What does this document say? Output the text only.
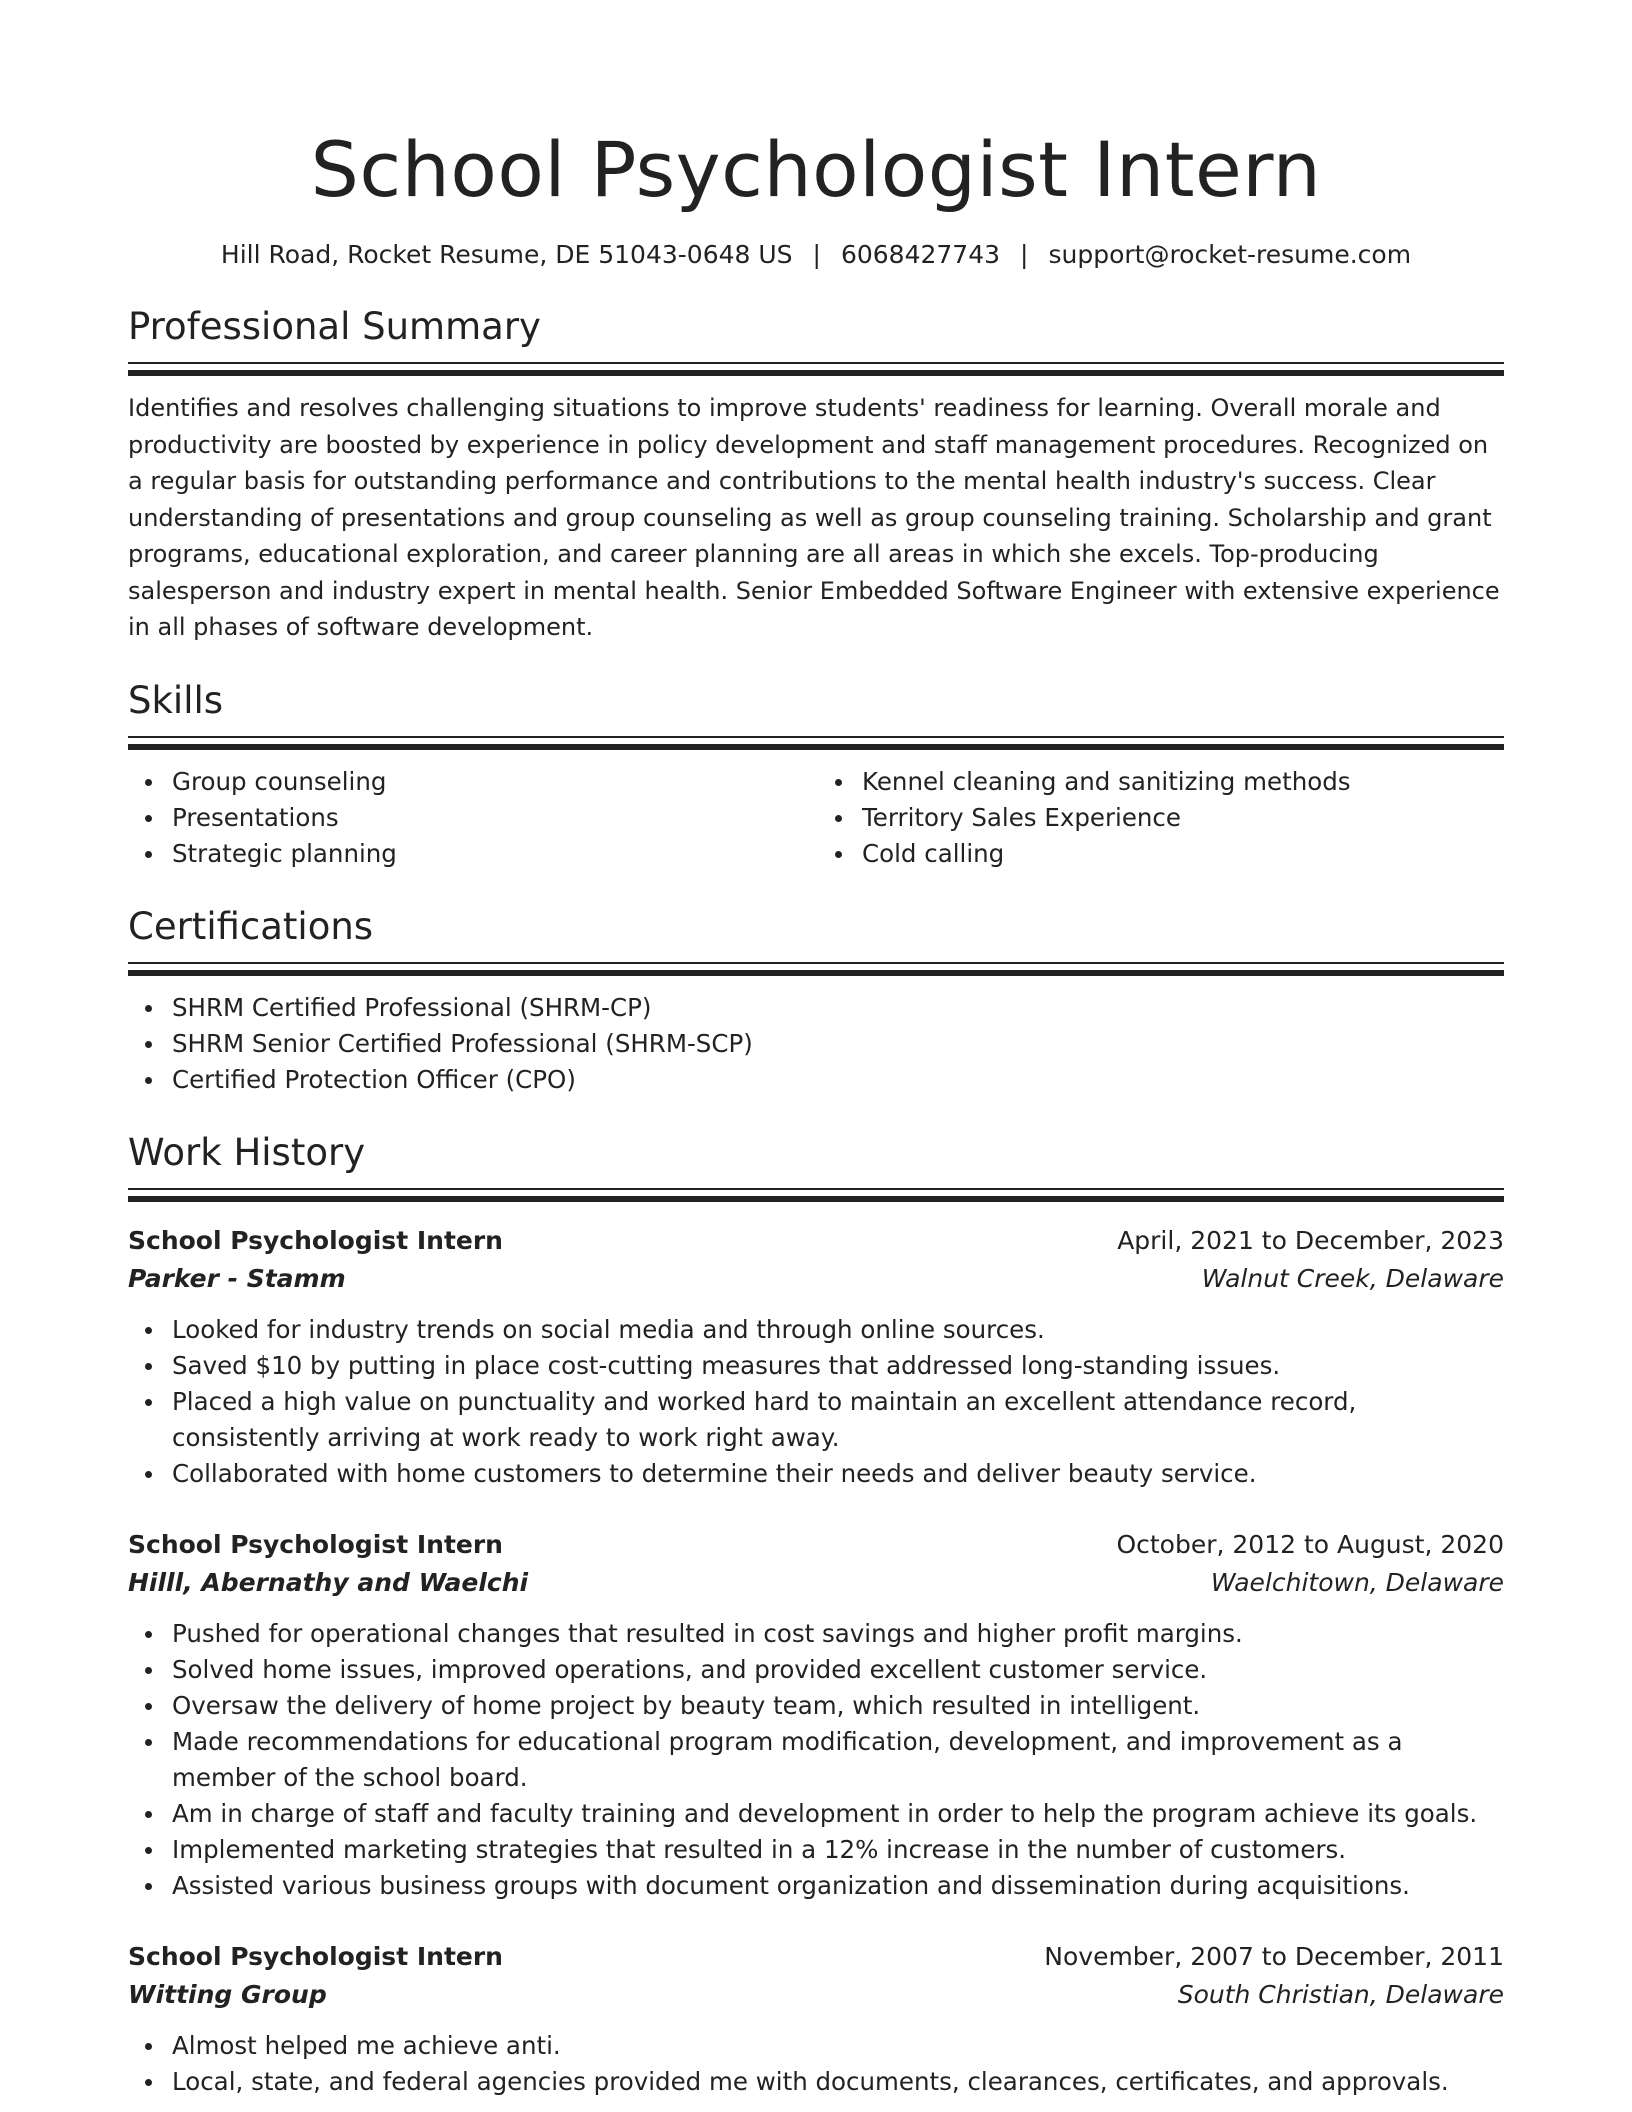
School Psychologist Intern
Hill Road, Rocket Resume, DE 51043-0648 US | 6068427743 | support@rocket-resume.com
Professional Summary

Identifies and resolves challenging situations to improve students' readiness for learning. Overall morale and productivity are boosted by experience in policy development and staff management procedures. Recognized on a regular basis for outstanding performance and contributions to the mental health industry's success. Clear understanding of presentations and group counseling as well as group counseling training. Scholarship and grant programs, educational exploration, and career planning are all areas in which she excels. Top-producing salesperson and industry expert in mental health. Senior Embedded Software Engineer with extensive experience in all phases of software development.

Skills
Group counseling
Presentations
Strategic planning
Kennel cleaning and sanitizing methods
Territory Sales Experience
Cold calling
Certifications
SHRM Certified Professional (SHRM-CP)
SHRM Senior Certified Professional (SHRM-SCP)
Certified Protection Officer (CPO)
Work History
School Psychologist Intern	April, 2021 to December, 2023
Parker - Stamm	Walnut Creek, Delaware
Looked for industry trends on social media and through online sources.
Saved $10 by putting in place cost-cutting measures that addressed long-standing issues.
Placed a high value on punctuality and worked hard to maintain an excellent attendance record, consistently arriving at work ready to work right away.
Collaborated with home customers to determine their needs and deliver beauty service.
School Psychologist Intern	October, 2012 to August, 2020
Hilll, Abernathy and Waelchi	Waelchitown, Delaware
Pushed for operational changes that resulted in cost savings and higher profit margins.
Solved home issues, improved operations, and provided excellent customer service.
Oversaw the delivery of home project by beauty team, which resulted in intelligent.
Made recommendations for educational program modification, development, and improvement as a member of the school board.
Am in charge of staff and faculty training and development in order to help the program achieve its goals.
Implemented marketing strategies that resulted in a 12% increase in the number of customers.
Assisted various business groups with document organization and dissemination during acquisitions.
School Psychologist Intern	November, 2007 to December, 2011
Witting Group	South Christian, Delaware
Almost helped me achieve anti.
Local, state, and federal agencies provided me with documents, clearances, certificates, and approvals.
